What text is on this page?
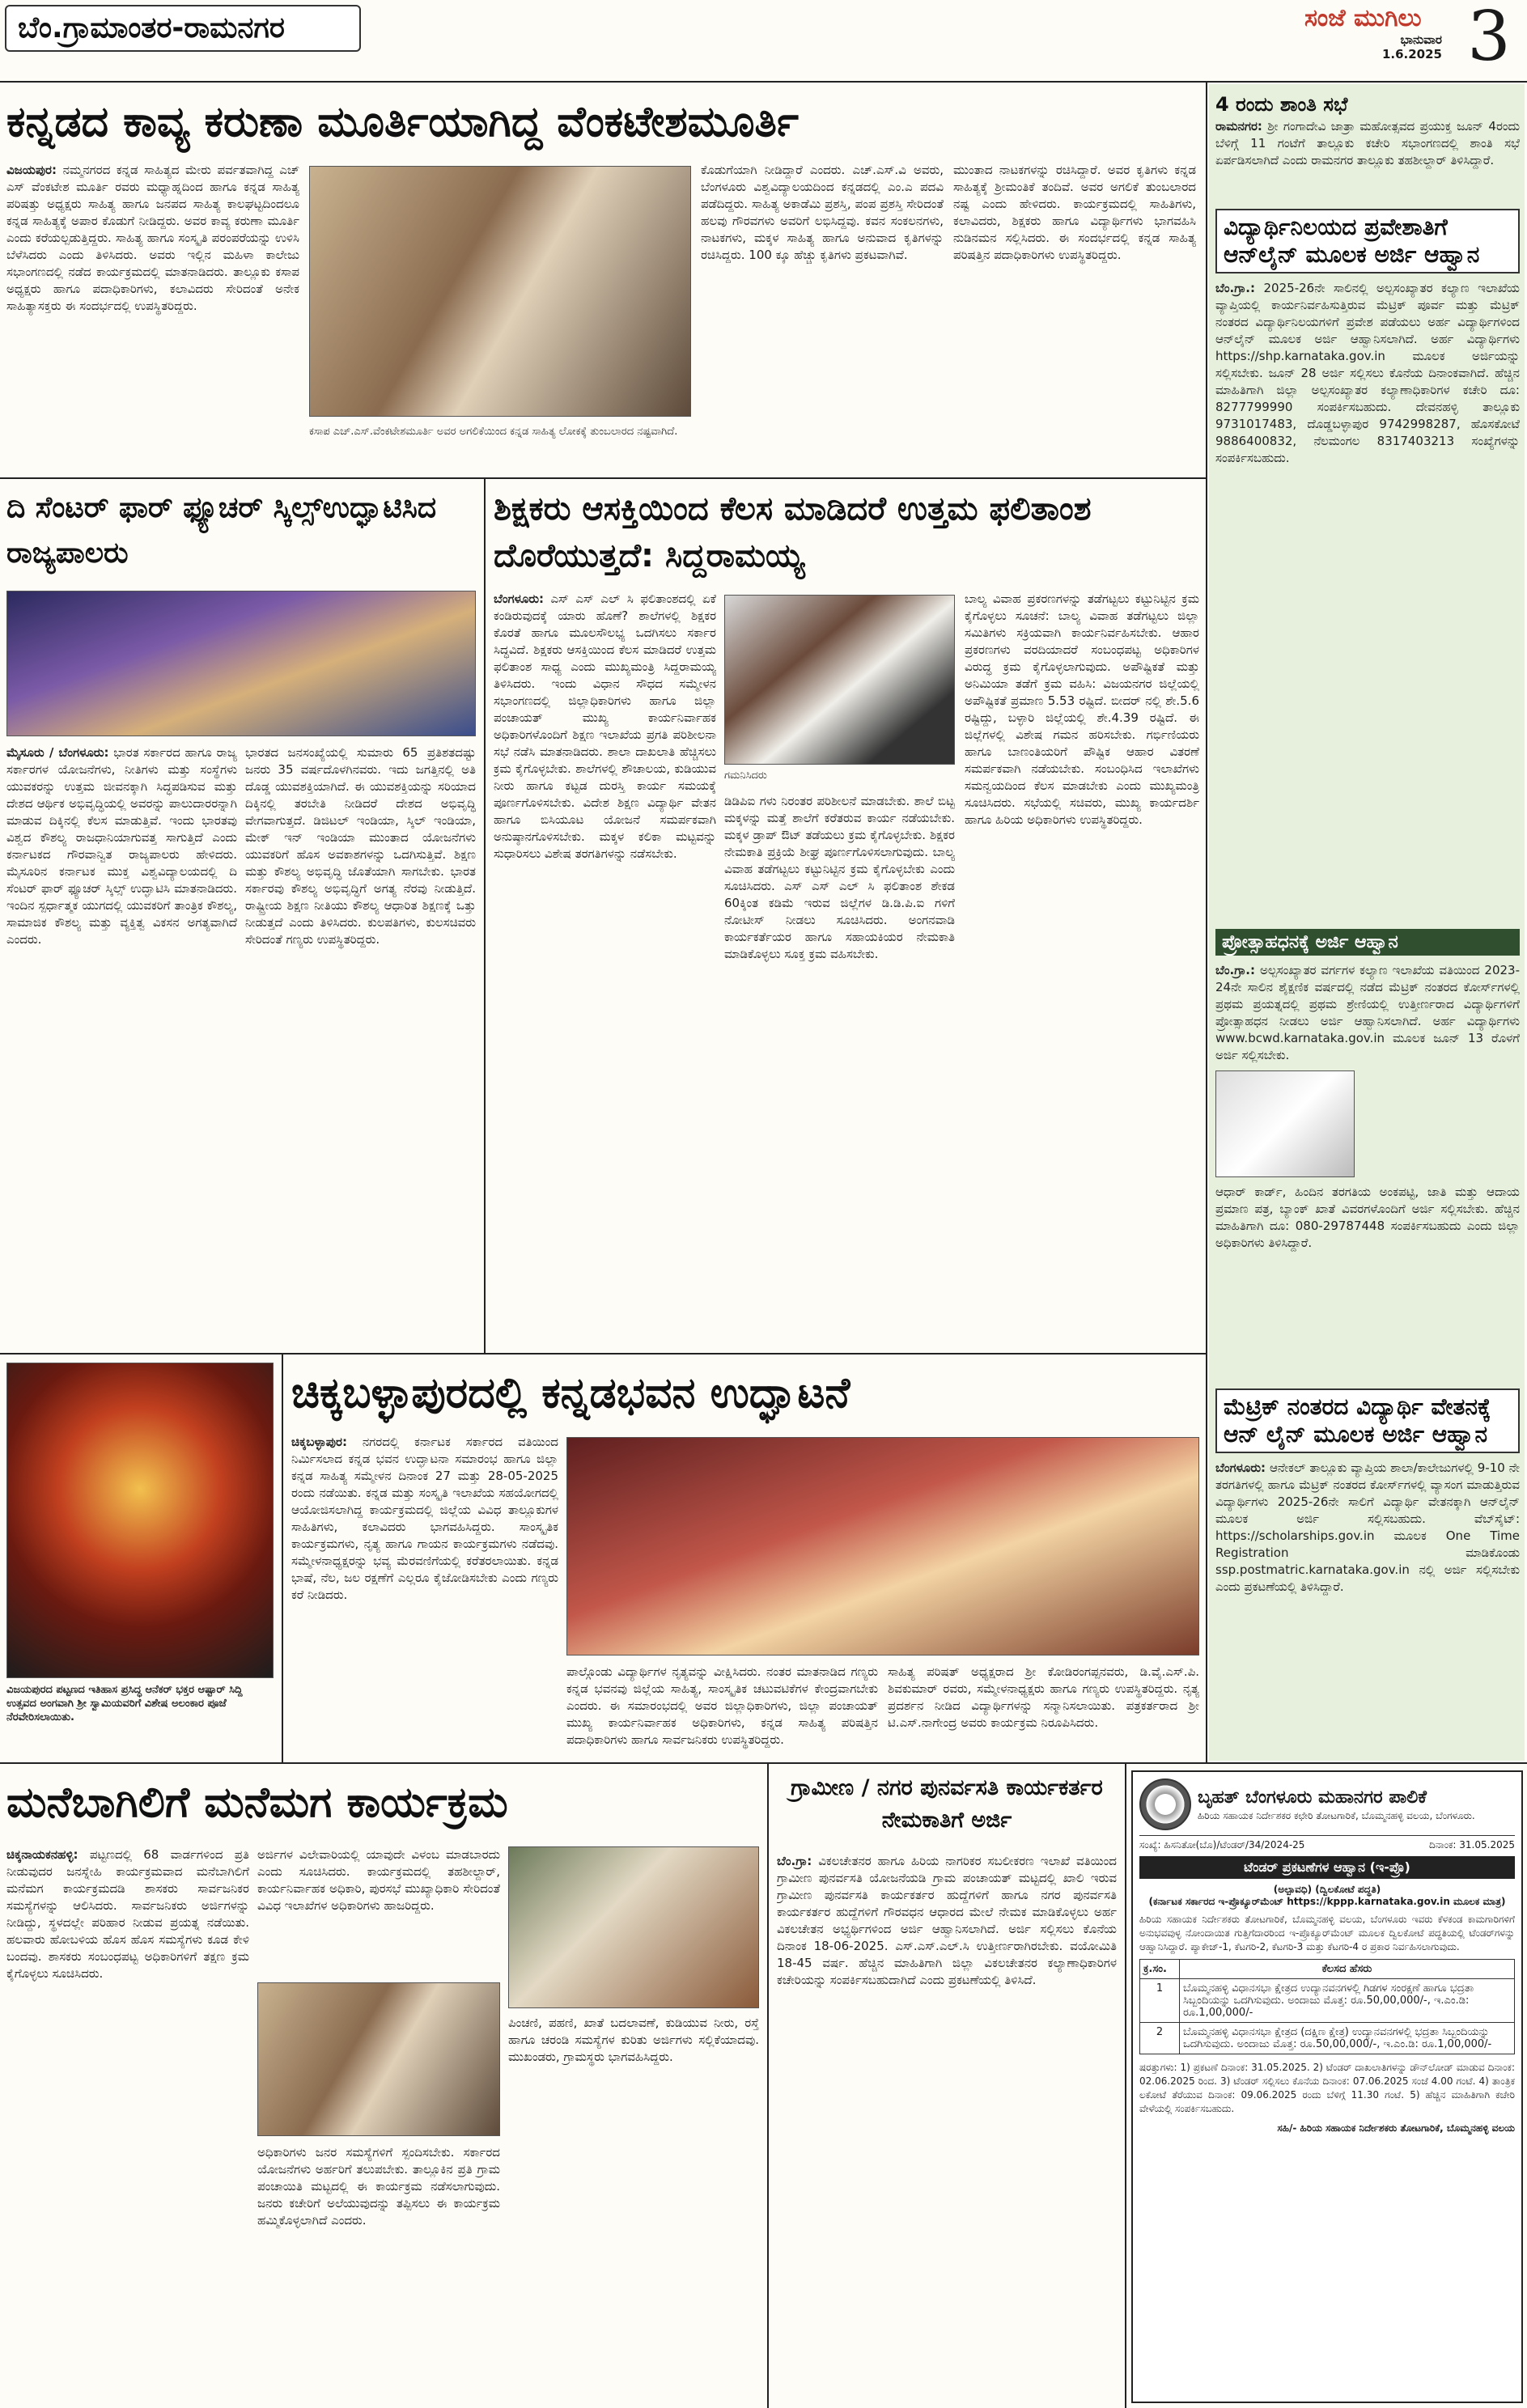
ಬೆಂ.ಗ್ರಾಮಾಂತರ-ರಾಮನಗರ	ಸಂಜೆ ಮುಗಿಲು
ಭಾನುವಾರ
1.6.2025 3
ಕನ್ನಡದ ಕಾವ್ಯ ಕರುಣಾ ಮೂರ್ತಿಯಾಗಿದ್ದ ವೆಂಕಟೇಶಮೂರ್ತಿ
ವಿಜಯಪುರ: ನಮ್ಮನಗರದ ಕನ್ನಡ ಸಾಹಿತ್ಯದ ಮೇರು ಪರ್ವತವಾಗಿದ್ದ ಎಚ್ ಎಸ್ ವೆಂಕಟೇಶ ಮೂರ್ತಿ ರವರು ಮಧ್ಯಾಹ್ನದಿಂದ ಹಾಗೂ ಕನ್ನಡ ಸಾಹಿತ್ಯ ಪರಿಷತ್ತು ಅಧ್ಯಕ್ಷರು ಸಾಹಿತ್ಯ ಹಾಗೂ ಜನಪದ ಸಾಹಿತ್ಯ ಕಾಲಘಟ್ಟದಿಂದಲೂ ಕನ್ನಡ ಸಾಹಿತ್ಯಕ್ಕೆ ಅಪಾರ ಕೊಡುಗೆ ನೀಡಿದ್ದರು. ಅವರ ಕಾವ್ಯ ಕರುಣಾ ಮೂರ್ತಿ ಎಂದು ಕರೆಯಲ್ಪಡುತ್ತಿದ್ದರು. ಸಾಹಿತ್ಯ ಹಾಗೂ ಸಂಸ್ಕೃತಿ ಪರಂಪರೆಯನ್ನು ಉಳಿಸಿ ಬೆಳೆಸಿದರು ಎಂದು ತಿಳಿಸಿದರು. ಅವರು ಇಲ್ಲಿನ ಮಹಿಳಾ ಕಾಲೇಜು ಸಭಾಂಗಣದಲ್ಲಿ ನಡೆದ ಕಾರ್ಯಕ್ರಮದಲ್ಲಿ ಮಾತನಾಡಿದರು. ತಾಲ್ಲೂಕು ಕಸಾಪ ಅಧ್ಯಕ್ಷರು ಹಾಗೂ ಪದಾಧಿಕಾರಿಗಳು, ಕಲಾವಿದರು ಸೇರಿದಂತೆ ಅನೇಕ ಸಾಹಿತ್ಯಾಸಕ್ತರು ಈ ಸಂದರ್ಭದಲ್ಲಿ ಉಪಸ್ಥಿತರಿದ್ದರು.
ಕಸಾಪ ಎಚ್.ಎಸ್.ವೆಂಕಟೇಶಮೂರ್ತಿ ಅವರ ಅಗಲಿಕೆಯಿಂದ ಕನ್ನಡ ಸಾಹಿತ್ಯ ಲೋಕಕ್ಕೆ ತುಂಬಲಾರದ ನಷ್ಟವಾಗಿದೆ.
ಕೊಡುಗೆಯಾಗಿ ನೀಡಿದ್ದಾರೆ ಎಂದರು. ಎಚ್.ಎಸ್.ವಿ ಅವರು, ಬೆಂಗಳೂರು ವಿಶ್ವವಿದ್ಯಾಲಯದಿಂದ ಕನ್ನಡದಲ್ಲಿ ಎಂ.ಎ ಪದವಿ ಪಡೆದಿದ್ದರು. ಸಾಹಿತ್ಯ ಅಕಾಡೆಮಿ ಪ್ರಶಸ್ತಿ, ಪಂಪ ಪ್ರಶಸ್ತಿ ಸೇರಿದಂತೆ ಹಲವು ಗೌರವಗಳು ಅವರಿಗೆ ಲಭಿಸಿದ್ದವು. ಕವನ ಸಂಕಲನಗಳು, ನಾಟಕಗಳು, ಮಕ್ಕಳ ಸಾಹಿತ್ಯ ಹಾಗೂ ಅನುವಾದ ಕೃತಿಗಳನ್ನು ರಚಿಸಿದ್ದರು. 100 ಕ್ಕೂ ಹೆಚ್ಚು ಕೃತಿಗಳು ಪ್ರಕಟವಾಗಿವೆ.
ಮುಂತಾದ ನಾಟಕಗಳನ್ನು ರಚಿಸಿದ್ದಾರೆ. ಅವರ ಕೃತಿಗಳು ಕನ್ನಡ ಸಾಹಿತ್ಯಕ್ಕೆ ಶ್ರೀಮಂತಿಕೆ ತಂದಿವೆ. ಅವರ ಅಗಲಿಕೆ ತುಂಬಲಾರದ ನಷ್ಟ ಎಂದು ಹೇಳಿದರು. ಕಾರ್ಯಕ್ರಮದಲ್ಲಿ ಸಾಹಿತಿಗಳು, ಕಲಾವಿದರು, ಶಿಕ್ಷಕರು ಹಾಗೂ ವಿದ್ಯಾರ್ಥಿಗಳು ಭಾಗವಹಿಸಿ ನುಡಿನಮನ ಸಲ್ಲಿಸಿದರು. ಈ ಸಂದರ್ಭದಲ್ಲಿ ಕನ್ನಡ ಸಾಹಿತ್ಯ ಪರಿಷತ್ತಿನ ಪದಾಧಿಕಾರಿಗಳು ಉಪಸ್ಥಿತರಿದ್ದರು.
ದಿ ಸೆಂಟರ್ ಫಾರ್ ಫ್ಯೂಚರ್ ಸ್ಕಿಲ್ಸ್‌ಉದ್ಘಾಟಿಸಿದ ರಾಜ್ಯಪಾಲರು
ಮೈಸೂರು / ಬೆಂಗಳೂರು: ಭಾರತ ಸರ್ಕಾರದ ಹಾಗೂ ರಾಜ್ಯ ಸರ್ಕಾರಗಳ ಯೋಜನೆಗಳು, ನೀತಿಗಳು ಮತ್ತು ಸಂಸ್ಥೆಗಳು ಯುವಕರನ್ನು ಉತ್ತಮ ಜೀವನಕ್ಕಾಗಿ ಸಿದ್ಧಪಡಿಸುವ ಮತ್ತು ದೇಶದ ಆರ್ಥಿಕ ಅಭಿವೃದ್ಧಿಯಲ್ಲಿ ಅವರನ್ನು ಪಾಲುದಾರರನ್ನಾಗಿ ಮಾಡುವ ದಿಕ್ಕಿನಲ್ಲಿ ಕೆಲಸ ಮಾಡುತ್ತಿವೆ. ಇಂದು ಭಾರತವು ವಿಶ್ವದ ಕೌಶಲ್ಯ ರಾಜಧಾನಿಯಾಗುವತ್ತ ಸಾಗುತ್ತಿದೆ ಎಂದು ಕರ್ನಾಟಕದ ಗೌರವಾನ್ವಿತ ರಾಜ್ಯಪಾಲರು ಹೇಳಿದರು. ಮೈಸೂರಿನ ಕರ್ನಾಟಕ ಮುಕ್ತ ವಿಶ್ವವಿದ್ಯಾಲಯದಲ್ಲಿ ದಿ ಸೆಂಟರ್ ಫಾರ್ ಫ್ಯೂಚರ್ ಸ್ಕಿಲ್ಸ್ ಉದ್ಘಾಟಿಸಿ ಮಾತನಾಡಿದರು. ಇಂದಿನ ಸ್ಪರ್ಧಾತ್ಮಕ ಯುಗದಲ್ಲಿ ಯುವಕರಿಗೆ ತಾಂತ್ರಿಕ ಕೌಶಲ್ಯ, ಸಾಮಾಜಿಕ ಕೌಶಲ್ಯ ಮತ್ತು ವ್ಯಕ್ತಿತ್ವ ವಿಕಸನ ಅಗತ್ಯವಾಗಿದೆ ಎಂದರು.
ಭಾರತದ ಜನಸಂಖ್ಯೆಯಲ್ಲಿ ಸುಮಾರು 65 ಪ್ರತಿಶತದಷ್ಟು ಜನರು 35 ವರ್ಷದೊಳಗಿನವರು. ಇದು ಜಗತ್ತಿನಲ್ಲಿ ಅತಿ ದೊಡ್ಡ ಯುವಶಕ್ತಿಯಾಗಿದೆ. ಈ ಯುವಶಕ್ತಿಯನ್ನು ಸರಿಯಾದ ದಿಕ್ಕಿನಲ್ಲಿ ತರಬೇತಿ ನೀಡಿದರೆ ದೇಶದ ಅಭಿವೃದ್ಧಿ ವೇಗವಾಗುತ್ತದೆ. ಡಿಜಿಟಲ್ ಇಂಡಿಯಾ, ಸ್ಕಿಲ್ ಇಂಡಿಯಾ, ಮೇಕ್ ಇನ್ ಇಂಡಿಯಾ ಮುಂತಾದ ಯೋಜನೆಗಳು ಯುವಕರಿಗೆ ಹೊಸ ಅವಕಾಶಗಳನ್ನು ಒದಗಿಸುತ್ತಿವೆ. ಶಿಕ್ಷಣ ಮತ್ತು ಕೌಶಲ್ಯ ಅಭಿವೃದ್ಧಿ ಜೊತೆಯಾಗಿ ಸಾಗಬೇಕು. ಭಾರತ ಸರ್ಕಾರವು ಕೌಶಲ್ಯ ಅಭಿವೃದ್ಧಿಗೆ ಅಗತ್ಯ ನೆರವು ನೀಡುತ್ತಿದೆ. ರಾಷ್ಟ್ರೀಯ ಶಿಕ್ಷಣ ನೀತಿಯು ಕೌಶಲ್ಯ ಆಧಾರಿತ ಶಿಕ್ಷಣಕ್ಕೆ ಒತ್ತು ನೀಡುತ್ತದೆ ಎಂದು ತಿಳಿಸಿದರು. ಕುಲಪತಿಗಳು, ಕುಲಸಚಿವರು ಸೇರಿದಂತೆ ಗಣ್ಯರು ಉಪಸ್ಥಿತರಿದ್ದರು.
ಶಿಕ್ಷಕರು ಆಸಕ್ತಿಯಿಂದ ಕೆಲಸ ಮಾಡಿದರೆ ಉತ್ತಮ ಫಲಿತಾಂಶ ದೊರೆಯುತ್ತದೆ: ಸಿದ್ದರಾಮಯ್ಯ
ಬೆಂಗಳೂರು: ಎಸ್ ಎಸ್ ಎಲ್ ಸಿ ಫಲಿತಾಂಶದಲ್ಲಿ ಏಕೆ ಕಂಡಿರುವುದಕ್ಕೆ ಯಾರು ಹೊಣೆ? ಶಾಲೆಗಳಲ್ಲಿ ಶಿಕ್ಷಕರ ಕೊರತೆ ಹಾಗೂ ಮೂಲಸೌಲಭ್ಯ ಒದಗಿಸಲು ಸರ್ಕಾರ ಸಿದ್ಧವಿದೆ. ಶಿಕ್ಷಕರು ಆಸಕ್ತಿಯಿಂದ ಕೆಲಸ ಮಾಡಿದರೆ ಉತ್ತಮ ಫಲಿತಾಂಶ ಸಾಧ್ಯ ಎಂದು ಮುಖ್ಯಮಂತ್ರಿ ಸಿದ್ದರಾಮಯ್ಯ ತಿಳಿಸಿದರು. ಇಂದು ವಿಧಾನ ಸೌಧದ ಸಮ್ಮೇಳನ ಸಭಾಂಗಣದಲ್ಲಿ ಜಿಲ್ಲಾಧಿಕಾರಿಗಳು ಹಾಗೂ ಜಿಲ್ಲಾ ಪಂಚಾಯತ್ ಮುಖ್ಯ ಕಾರ್ಯನಿರ್ವಾಹಕ ಅಧಿಕಾರಿಗಳೊಂದಿಗೆ ಶಿಕ್ಷಣ ಇಲಾಖೆಯ ಪ್ರಗತಿ ಪರಿಶೀಲನಾ ಸಭೆ ನಡೆಸಿ ಮಾತನಾಡಿದರು. ಶಾಲಾ ದಾಖಲಾತಿ ಹೆಚ್ಚಿಸಲು ಕ್ರಮ ಕೈಗೊಳ್ಳಬೇಕು. ಶಾಲೆಗಳಲ್ಲಿ ಶೌಚಾಲಯ, ಕುಡಿಯುವ ನೀರು ಹಾಗೂ ಕಟ್ಟಡ ದುರಸ್ತಿ ಕಾರ್ಯ ಸಮಯಕ್ಕೆ ಪೂರ್ಣಗೊಳಿಸಬೇಕು. ವಿದೇಶ ಶಿಕ್ಷಣ ವಿದ್ಯಾರ್ಥಿ ವೇತನ ಹಾಗೂ ಬಿಸಿಯೂಟ ಯೋಜನೆ ಸಮರ್ಪಕವಾಗಿ ಅನುಷ್ಠಾನಗೊಳಿಸಬೇಕು. ಮಕ್ಕಳ ಕಲಿಕಾ ಮಟ್ಟವನ್ನು ಸುಧಾರಿಸಲು ವಿಶೇಷ ತರಗತಿಗಳನ್ನು ನಡೆಸಬೇಕು.
ಗಮನಿಸಿದರು
ಡಿಡಿಪಿಐ ಗಳು ನಿರಂತರ ಪರಿಶೀಲನೆ ಮಾಡಬೇಕು. ಶಾಲೆ ಬಿಟ್ಟ ಮಕ್ಕಳನ್ನು ಮತ್ತೆ ಶಾಲೆಗೆ ಕರೆತರುವ ಕಾರ್ಯ ನಡೆಯಬೇಕು. ಮಕ್ಕಳ ಡ್ರಾಪ್ ಔಟ್ ತಡೆಯಲು ಕ್ರಮ ಕೈಗೊಳ್ಳಬೇಕು. ಶಿಕ್ಷಕರ ನೇಮಕಾತಿ ಪ್ರಕ್ರಿಯೆ ಶೀಘ್ರ ಪೂರ್ಣಗೊಳಿಸಲಾಗುವುದು. ಬಾಲ್ಯ ವಿವಾಹ ತಡೆಗಟ್ಟಲು ಕಟ್ಟುನಿಟ್ಟಿನ ಕ್ರಮ ಕೈಗೊಳ್ಳಬೇಕು ಎಂದು ಸೂಚಿಸಿದರು. ಎಸ್ ಎಸ್ ಎಲ್ ಸಿ ಫಲಿತಾಂಶ ಶೇಕಡ 60ಕ್ಕಿಂತ ಕಡಿಮೆ ಇರುವ ಜಿಲ್ಲೆಗಳ ಡಿ.ಡಿ.ಪಿ.ಐ ಗಳಿಗೆ ನೋಟೀಸ್ ನೀಡಲು ಸೂಚಿಸಿದರು. ಅಂಗನವಾಡಿ ಕಾರ್ಯಕರ್ತೆಯರ ಹಾಗೂ ಸಹಾಯಕಿಯರ ನೇಮಕಾತಿ ಮಾಡಿಕೊಳ್ಳಲು ಸೂಕ್ತ ಕ್ರಮ ವಹಿಸಬೇಕು.
ಬಾಲ್ಯ ವಿವಾಹ ಪ್ರಕರಣಗಳನ್ನು ತಡೆಗಟ್ಟಲು ಕಟ್ಟುನಿಟ್ಟಿನ ಕ್ರಮ ಕೈಗೊಳ್ಳಲು ಸೂಚನೆ: ಬಾಲ್ಯ ವಿವಾಹ ತಡೆಗಟ್ಟಲು ಜಿಲ್ಲಾ ಸಮಿತಿಗಳು ಸಕ್ರಿಯವಾಗಿ ಕಾರ್ಯನಿರ್ವಹಿಸಬೇಕು. ಆಹಾರ ಪ್ರಕರಣಗಳು ವರದಿಯಾದರೆ ಸಂಬಂಧಪಟ್ಟ ಅಧಿಕಾರಿಗಳ ವಿರುದ್ಧ ಕ್ರಮ ಕೈಗೊಳ್ಳಲಾಗುವುದು. ಅಪೌಷ್ಟಿಕತೆ ಮತ್ತು ಅನಿಮಿಯಾ ತಡೆಗೆ ಕ್ರಮ ವಹಿಸಿ: ವಿಜಯನಗರ ಜಿಲ್ಲೆಯಲ್ಲಿ ಅಪೌಷ್ಟಿಕತೆ ಪ್ರಮಾಣ 5.53 ರಷ್ಟಿದೆ. ಬೀದರ್ ನಲ್ಲಿ ಶೇ.5.6 ರಷ್ಟಿದ್ದು, ಬಳ್ಳಾರಿ ಜಿಲ್ಲೆಯಲ್ಲಿ ಶೇ.4.39 ರಷ್ಟಿದೆ. ಈ ಜಿಲ್ಲೆಗಳಲ್ಲಿ ವಿಶೇಷ ಗಮನ ಹರಿಸಬೇಕು. ಗರ್ಭಿಣಿಯರು ಹಾಗೂ ಬಾಣಂತಿಯರಿಗೆ ಪೌಷ್ಟಿಕ ಆಹಾರ ವಿತರಣೆ ಸಮರ್ಪಕವಾಗಿ ನಡೆಯಬೇಕು. ಸಂಬಂಧಿಸಿದ ಇಲಾಖೆಗಳು ಸಮನ್ವಯದಿಂದ ಕೆಲಸ ಮಾಡಬೇಕು ಎಂದು ಮುಖ್ಯಮಂತ್ರಿ ಸೂಚಿಸಿದರು. ಸಭೆಯಲ್ಲಿ ಸಚಿವರು, ಮುಖ್ಯ ಕಾರ್ಯದರ್ಶಿ ಹಾಗೂ ಹಿರಿಯ ಅಧಿಕಾರಿಗಳು ಉಪಸ್ಥಿತರಿದ್ದರು.
ವಿಜಯಪುರದ ಪಟ್ಟಣದ ಇತಿಹಾಸ ಪ್ರಸಿದ್ಧ ಆನೆಕರ್ ಭಕ್ತರ ಆಷ್ಟಾರ್ ಸಿದ್ದಿ ಉತ್ಸವದ ಅಂಗವಾಗಿ ಶ್ರೀ ಸ್ವಾಮಿಯವರಿಗೆ ವಿಶೇಷ ಅಲಂಕಾರ ಪೂಜೆ ನೆರವೇರಿಸಲಾಯಿತು.
ಚಿಕ್ಕಬಳ್ಳಾಪುರದಲ್ಲಿ ಕನ್ನಡಭವನ ಉದ್ಘಾಟನೆ
ಚಿಕ್ಕಬಳ್ಳಾಪುರ: ನಗರದಲ್ಲಿ ಕರ್ನಾಟಕ ಸರ್ಕಾರದ ವತಿಯಿಂದ ನಿರ್ಮಿಸಲಾದ ಕನ್ನಡ ಭವನ ಉದ್ಘಾಟನಾ ಸಮಾರಂಭ ಹಾಗೂ ಜಿಲ್ಲಾ ಕನ್ನಡ ಸಾಹಿತ್ಯ ಸಮ್ಮೇಳನ ದಿನಾಂಕ 27 ಮತ್ತು 28-05-2025 ರಂದು ನಡೆಯಿತು. ಕನ್ನಡ ಮತ್ತು ಸಂಸ್ಕೃತಿ ಇಲಾಖೆಯ ಸಹಯೋಗದಲ್ಲಿ ಆಯೋಜಿಸಲಾಗಿದ್ದ ಕಾರ್ಯಕ್ರಮದಲ್ಲಿ ಜಿಲ್ಲೆಯ ವಿವಿಧ ತಾಲ್ಲೂಕುಗಳ ಸಾಹಿತಿಗಳು, ಕಲಾವಿದರು ಭಾಗವಹಿಸಿದ್ದರು. ಸಾಂಸ್ಕೃತಿಕ ಕಾರ್ಯಕ್ರಮಗಳು, ನೃತ್ಯ ಹಾಗೂ ಗಾಯನ ಕಾರ್ಯಕ್ರಮಗಳು ನಡೆದವು. ಸಮ್ಮೇಳನಾಧ್ಯಕ್ಷರನ್ನು ಭವ್ಯ ಮೆರವಣಿಗೆಯಲ್ಲಿ ಕರೆತರಲಾಯಿತು. ಕನ್ನಡ ಭಾಷೆ, ನೆಲ, ಜಲ ರಕ್ಷಣೆಗೆ ಎಲ್ಲರೂ ಕೈಜೋಡಿಸಬೇಕು ಎಂದು ಗಣ್ಯರು ಕರೆ ನೀಡಿದರು.
ಪಾಲ್ಗೊಂಡು ವಿದ್ಯಾರ್ಥಿಗಳ ನೃತ್ಯವನ್ನು ವೀಕ್ಷಿಸಿದರು. ನಂತರ ಮಾತನಾಡಿದ ಗಣ್ಯರು ಕನ್ನಡ ಭವನವು ಜಿಲ್ಲೆಯ ಸಾಹಿತ್ಯ, ಸಾಂಸ್ಕೃತಿಕ ಚಟುವಟಿಕೆಗಳ ಕೇಂದ್ರವಾಗಬೇಕು ಎಂದರು. ಈ ಸಮಾರಂಭದಲ್ಲಿ ಅವರ ಜಿಲ್ಲಾಧಿಕಾರಿಗಳು, ಜಿಲ್ಲಾ ಪಂಚಾಯತ್ ಮುಖ್ಯ ಕಾರ್ಯನಿರ್ವಾಹಕ ಅಧಿಕಾರಿಗಳು, ಕನ್ನಡ ಸಾಹಿತ್ಯ ಪರಿಷತ್ತಿನ ಪದಾಧಿಕಾರಿಗಳು ಹಾಗೂ ಸಾರ್ವಜನಿಕರು ಉಪಸ್ಥಿತರಿದ್ದರು.
ಸಾಹಿತ್ಯ ಪರಿಷತ್ ಅಧ್ಯಕ್ಷರಾದ ಶ್ರೀ ಕೋಡಿರಂಗಪ್ಪನವರು, ಡಿ.ವೈ.ಎಸ್.ಪಿ. ಶಿವಕುಮಾರ್ ರವರು, ಸಮ್ಮೇಳನಾಧ್ಯಕ್ಷರು ಹಾಗೂ ಗಣ್ಯರು ಉಪಸ್ಥಿತರಿದ್ದರು. ನೃತ್ಯ ಪ್ರದರ್ಶನ ನೀಡಿದ ವಿದ್ಯಾರ್ಥಿಗಳನ್ನು ಸನ್ಮಾನಿಸಲಾಯಿತು. ಪತ್ರಕರ್ತರಾದ ಶ್ರೀ ಟಿ.ಎಸ್.ನಾಗೇಂದ್ರ ಅವರು ಕಾರ್ಯಕ್ರಮ ನಿರೂಪಿಸಿದರು.
4 ರಂದು ಶಾಂತಿ ಸಭೆ
ರಾಮನಗರ: ಶ್ರೀ ಗಂಗಾದೇವಿ ಜಾತ್ರಾ ಮಹೋತ್ಸವದ ಪ್ರಯುಕ್ತ ಜೂನ್ 4ರಂದು ಬೆಳಿಗ್ಗೆ 11 ಗಂಟೆಗೆ ತಾಲ್ಲೂಕು ಕಚೇರಿ ಸಭಾಂಗಣದಲ್ಲಿ ಶಾಂತಿ ಸಭೆ ಏರ್ಪಡಿಸಲಾಗಿದೆ ಎಂದು ರಾಮನಗರ ತಾಲ್ಲೂಕು ತಹಶೀಲ್ದಾರ್ ತಿಳಿಸಿದ್ದಾರೆ.
ವಿದ್ಯಾರ್ಥಿನಿಲಯದ ಪ್ರವೇಶಾತಿಗೆ ಆನ್‌ಲೈನ್ ಮೂಲಕ ಅರ್ಜಿ ಆಹ್ವಾನ
ಬೆಂ.ಗ್ರಾ.: 2025-26ನೇ ಸಾಲಿನಲ್ಲಿ ಅಲ್ಪಸಂಖ್ಯಾತರ ಕಲ್ಯಾಣ ಇಲಾಖೆಯ ವ್ಯಾಪ್ತಿಯಲ್ಲಿ ಕಾರ್ಯನಿರ್ವಹಿಸುತ್ತಿರುವ ಮೆಟ್ರಿಕ್ ಪೂರ್ವ ಮತ್ತು ಮೆಟ್ರಿಕ್ ನಂತರದ ವಿದ್ಯಾರ್ಥಿನಿಲಯಗಳಿಗೆ ಪ್ರವೇಶ ಪಡೆಯಲು ಅರ್ಹ ವಿದ್ಯಾರ್ಥಿಗಳಿಂದ ಆನ್‌ಲೈನ್ ಮೂಲಕ ಅರ್ಜಿ ಆಹ್ವಾನಿಸಲಾಗಿದೆ. ಅರ್ಹ ವಿದ್ಯಾರ್ಥಿಗಳು https://shp.karnataka.gov.in ಮೂಲಕ ಅರ್ಜಿಯನ್ನು ಸಲ್ಲಿಸಬೇಕು. ಜೂನ್ 28 ಅರ್ಜಿ ಸಲ್ಲಿಸಲು ಕೊನೆಯ ದಿನಾಂಕವಾಗಿದೆ. ಹೆಚ್ಚಿನ ಮಾಹಿತಿಗಾಗಿ ಜಿಲ್ಲಾ ಅಲ್ಪಸಂಖ್ಯಾತರ ಕಲ್ಯಾಣಾಧಿಕಾರಿಗಳ ಕಚೇರಿ ದೂ: 8277799990 ಸಂಪರ್ಕಿಸಬಹುದು. ದೇವನಹಳ್ಳಿ ತಾಲ್ಲೂಕು 9731017483, ದೊಡ್ಡಬಳ್ಳಾಪುರ 9742998287, ಹೊಸಕೋಟೆ 9886400832, ನೆಲಮಂಗಲ 8317403213 ಸಂಖ್ಯೆಗಳನ್ನು ಸಂಪರ್ಕಿಸಬಹುದು.
ಪ್ರೋತ್ಸಾಹಧನಕ್ಕೆ ಅರ್ಜಿ ಆಹ್ವಾನ
ಬೆಂ.ಗ್ರಾ.: ಅಲ್ಪಸಂಖ್ಯಾತರ ವರ್ಗಗಳ ಕಲ್ಯಾಣ ಇಲಾಖೆಯ ವತಿಯಿಂದ 2023-24ನೇ ಸಾಲಿನ ಶೈಕ್ಷಣಿಕ ವರ್ಷದಲ್ಲಿ ನಡೆದ ಮೆಟ್ರಿಕ್ ನಂತರದ ಕೋರ್ಸ್‌ಗಳಲ್ಲಿ ಪ್ರಥಮ ಪ್ರಯತ್ನದಲ್ಲಿ ಪ್ರಥಮ ಶ್ರೇಣಿಯಲ್ಲಿ ಉತ್ತೀರ್ಣರಾದ ವಿದ್ಯಾರ್ಥಿಗಳಿಗೆ ಪ್ರೋತ್ಸಾಹಧನ ನೀಡಲು ಅರ್ಜಿ ಆಹ್ವಾನಿಸಲಾಗಿದೆ. ಅರ್ಹ ವಿದ್ಯಾರ್ಥಿಗಳು www.bcwd.karnataka.gov.in ಮೂಲಕ ಜೂನ್ 13 ರೊಳಗೆ ಅರ್ಜಿ ಸಲ್ಲಿಸಬೇಕು.
ಆಧಾರ್ ಕಾರ್ಡ್, ಹಿಂದಿನ ತರಗತಿಯ ಅಂಕಪಟ್ಟಿ, ಜಾತಿ ಮತ್ತು ಆದಾಯ ಪ್ರಮಾಣ ಪತ್ರ, ಬ್ಯಾಂಕ್ ಖಾತೆ ವಿವರಗಳೊಂದಿಗೆ ಅರ್ಜಿ ಸಲ್ಲಿಸಬೇಕು. ಹೆಚ್ಚಿನ ಮಾಹಿತಿಗಾಗಿ ದೂ: 080-29787448 ಸಂಪರ್ಕಿಸಬಹುದು ಎಂದು ಜಿಲ್ಲಾ ಅಧಿಕಾರಿಗಳು ತಿಳಿಸಿದ್ದಾರೆ.
ಮೆಟ್ರಿಕ್ ನಂತರದ ವಿದ್ಯಾರ್ಥಿ ವೇತನಕ್ಕೆ ಆನ್ ಲೈನ್ ಮೂಲಕ ಅರ್ಜಿ ಆಹ್ವಾನ
ಬೆಂಗಳೂರು: ಆನೇಕಲ್ ತಾಲ್ಲೂಕು ವ್ಯಾಪ್ತಿಯ ಶಾಲಾ/ಕಾಲೇಜುಗಳಲ್ಲಿ 9-10 ನೇ ತರಗತಿಗಳಲ್ಲಿ ಹಾಗೂ ಮೆಟ್ರಿಕ್ ನಂತರದ ಕೋರ್ಸ್‌ಗಳಲ್ಲಿ ವ್ಯಾಸಂಗ ಮಾಡುತ್ತಿರುವ ವಿದ್ಯಾರ್ಥಿಗಳು 2025-26ನೇ ಸಾಲಿಗೆ ವಿದ್ಯಾರ್ಥಿ ವೇತನಕ್ಕಾಗಿ ಆನ್‌ಲೈನ್ ಮೂಲಕ ಅರ್ಜಿ ಸಲ್ಲಿಸಬಹುದು. ವೆಬ್‌ಸೈಟ್: https://scholarships.gov.in ಮೂಲಕ One Time Registration ಮಾಡಿಕೊಂಡು ssp.postmatric.karnataka.gov.in ನಲ್ಲಿ ಅರ್ಜಿ ಸಲ್ಲಿಸಬೇಕು ಎಂದು ಪ್ರಕಟಣೆಯಲ್ಲಿ ತಿಳಿಸಿದ್ದಾರೆ.
ಮನೆಬಾಗಿಲಿಗೆ ಮನೆಮಗ ಕಾರ್ಯಕ್ರಮ
ಚಿಕ್ಕನಾಯಕನಹಳ್ಳಿ: ಪಟ್ಟಣದಲ್ಲಿ 68 ವಾರ್ಡಗಳಿಂದ ಪ್ರತಿ ನೀಡುವುದರ ಜನಸ್ನೇಹಿ ಕಾರ್ಯಕ್ರಮವಾದ ಮನೆಬಾಗಿಲಿಗೆ ಮನೆಮಗ ಕಾರ್ಯಕ್ರಮದಡಿ ಶಾಸಕರು ಸಾರ್ವಜನಿಕರ ಸಮಸ್ಯೆಗಳನ್ನು ಆಲಿಸಿದರು. ಸಾರ್ವಜನಿಕರು ಅರ್ಜಿಗಳನ್ನು ನೀಡಿದ್ದು, ಸ್ಥಳದಲ್ಲೇ ಪರಿಹಾರ ನೀಡುವ ಪ್ರಯತ್ನ ನಡೆಯಿತು. ಹಲವಾರು ಹೋಬಳಿಯ ಹೊಸ ಹೊಸ ಸಮಸ್ಯೆಗಳು ಕೂಡ ಕೇಳಿ ಬಂದವು. ಶಾಸಕರು ಸಂಬಂಧಪಟ್ಟ ಅಧಿಕಾರಿಗಳಿಗೆ ತಕ್ಷಣ ಕ್ರಮ ಕೈಗೊಳ್ಳಲು ಸೂಚಿಸಿದರು.
ಅರ್ಜಿಗಳ ವಿಲೇವಾರಿಯಲ್ಲಿ ಯಾವುದೇ ವಿಳಂಬ ಮಾಡಬಾರದು ಎಂದು ಸೂಚಿಸಿದರು. ಕಾರ್ಯಕ್ರಮದಲ್ಲಿ ತಹಶೀಲ್ದಾರ್, ಕಾರ್ಯನಿರ್ವಾಹಕ ಅಧಿಕಾರಿ, ಪುರಸಭೆ ಮುಖ್ಯಾಧಿಕಾರಿ ಸೇರಿದಂತೆ ವಿವಿಧ ಇಲಾಖೆಗಳ ಅಧಿಕಾರಿಗಳು ಹಾಜರಿದ್ದರು.
ಅಧಿಕಾರಿಗಳು ಜನರ ಸಮಸ್ಯೆಗಳಿಗೆ ಸ್ಪಂದಿಸಬೇಕು. ಸರ್ಕಾರದ ಯೋಜನೆಗಳು ಅರ್ಹರಿಗೆ ತಲುಪಬೇಕು. ತಾಲ್ಲೂಕಿನ ಪ್ರತಿ ಗ್ರಾಮ ಪಂಚಾಯಿತಿ ಮಟ್ಟದಲ್ಲಿ ಈ ಕಾರ್ಯಕ್ರಮ ನಡೆಸಲಾಗುವುದು. ಜನರು ಕಚೇರಿಗೆ ಅಲೆಯುವುದನ್ನು ತಪ್ಪಿಸಲು ಈ ಕಾರ್ಯಕ್ರಮ ಹಮ್ಮಿಕೊಳ್ಳಲಾಗಿದೆ ಎಂದರು.
ಪಿಂಚಣಿ, ಪಹಣಿ, ಖಾತೆ ಬದಲಾವಣೆ, ಕುಡಿಯುವ ನೀರು, ರಸ್ತೆ ಹಾಗೂ ಚರಂಡಿ ಸಮಸ್ಯೆಗಳ ಕುರಿತು ಅರ್ಜಿಗಳು ಸಲ್ಲಿಕೆಯಾದವು. ಮುಖಂಡರು, ಗ್ರಾಮಸ್ಥರು ಭಾಗವಹಿಸಿದ್ದರು.
ಗ್ರಾಮೀಣ / ನಗರ ಪುನರ್ವಸತಿ ಕಾರ್ಯಕರ್ತರ ನೇಮಕಾತಿಗೆ ಅರ್ಜಿ
ಬೆಂ.ಗ್ರಾ: ವಿಕಲಚೇತನರ ಹಾಗೂ ಹಿರಿಯ ನಾಗರಿಕರ ಸಬಲೀಕರಣ ಇಲಾಖೆ ವತಿಯಿಂದ ಗ್ರಾಮೀಣ ಪುನರ್ವಸತಿ ಯೋಜನೆಯಡಿ ಗ್ರಾಮ ಪಂಚಾಯತ್ ಮಟ್ಟದಲ್ಲಿ ಖಾಲಿ ಇರುವ ಗ್ರಾಮೀಣ ಪುನರ್ವಸತಿ ಕಾರ್ಯಕರ್ತರ ಹುದ್ದೆಗಳಿಗೆ ಹಾಗೂ ನಗರ ಪುನರ್ವಸತಿ ಕಾರ್ಯಕರ್ತರ ಹುದ್ದೆಗಳಿಗೆ ಗೌರವಧನ ಆಧಾರದ ಮೇಲೆ ನೇಮಕ ಮಾಡಿಕೊಳ್ಳಲು ಅರ್ಹ ವಿಕಲಚೇತನ ಅಭ್ಯರ್ಥಿಗಳಿಂದ ಅರ್ಜಿ ಆಹ್ವಾನಿಸಲಾಗಿದೆ. ಅರ್ಜಿ ಸಲ್ಲಿಸಲು ಕೊನೆಯ ದಿನಾಂಕ 18-06-2025. ಎಸ್.ಎಸ್.ಎಲ್.ಸಿ ಉತ್ತೀರ್ಣರಾಗಿರಬೇಕು. ವಯೋಮಿತಿ 18-45 ವರ್ಷ. ಹೆಚ್ಚಿನ ಮಾಹಿತಿಗಾಗಿ ಜಿಲ್ಲಾ ವಿಕಲಚೇತನರ ಕಲ್ಯಾಣಾಧಿಕಾರಿಗಳ ಕಚೇರಿಯನ್ನು ಸಂಪರ್ಕಿಸಬಹುದಾಗಿದೆ ಎಂದು ಪ್ರಕಟಣೆಯಲ್ಲಿ ತಿಳಿಸಿದೆ.
ಬೃಹತ್ ಬೆಂಗಳೂರು ಮಹಾನಗರ ಪಾಲಿಕೆ
ಹಿರಿಯ ಸಹಾಯಕ ನಿರ್ದೇಶಕರ ಕಛೇರಿ ತೋಟಗಾರಿಕೆ, ಬೊಮ್ಮನಹಳ್ಳಿ ವಲಯ, ಬೆಂಗಳೂರು.
ಸಂಖ್ಯೆ: ಹಿಸನಿತೋ(ಬೊ)/ಟೆಂಡರ್/34/2024-25	ದಿನಾಂಕ: 31.05.2025
ಟೆಂಡರ್ ಪ್ರಕಟಣೆಗಳ ಆಹ್ವಾನ (ಇ-ಪ್ರೊ)
(ಅಲ್ಪಾವಧಿ) (ದ್ವಿಲಕೋಟೆ ಪದ್ಧತಿ)
(ಕರ್ನಾಟಕ ಸರ್ಕಾರದ ಇ-ಪ್ರೊಕ್ಯೂರ್‌ಮೆಂಟ್ https://kppp.karnataka.gov.in ಮೂಲಕ ಮಾತ್ರ)
ಹಿರಿಯ ಸಹಾಯಕ ನಿರ್ದೇಶಕರು ತೋಟಗಾರಿಕೆ, ಬೊಮ್ಮನಹಳ್ಳಿ ವಲಯ, ಬೆಂಗಳೂರು ಇವರು ಕೆಳಕಂಡ ಕಾಮಗಾರಿಗಳಿಗೆ ಅನುಭವವುಳ್ಳ ನೋಂದಾಯಿತ ಗುತ್ತಿಗೆದಾರರಿಂದ ಇ-ಪ್ರೊಕ್ಯೂರ್‌ಮೆಂಟ್ ಮೂಲಕ ದ್ವಿಲಕೋಟೆ ಪದ್ಧತಿಯಲ್ಲಿ ಟೆಂಡರ್‌ಗಳನ್ನು ಆಹ್ವಾನಿಸಿದ್ದಾರೆ. ಪ್ಯಾಕೇಜ್-1, ಕೆಟಗರಿ-2, ಕೆಟಗರಿ-3 ಮತ್ತು ಕೆಟಗರಿ-4 ರ ಪ್ರಕಾರ ನಿರ್ವಹಿಸಲಾಗುವುದು.
ಕ್ರ.ಸಂ.	ಕೆಲಸದ ಹೆಸರು
1	ಬೊಮ್ಮನಹಳ್ಳಿ ವಿಧಾನಸಭಾ ಕ್ಷೇತ್ರದ ಉದ್ಯಾನವನಗಳಲ್ಲಿ ಗಿಡಗಳ ಸಂರಕ್ಷಣೆ ಹಾಗೂ ಭದ್ರತಾ ಸಿಬ್ಬಂದಿಯನ್ನು ಒದಗಿಸುವುದು. ಅಂದಾಜು ಮೊತ್ತ: ರೂ.50,00,000/-, ಇ.ಎಂ.ಡಿ: ರೂ.1,00,000/-
2	ಬೊಮ್ಮನಹಳ್ಳಿ ವಿಧಾನಸಭಾ ಕ್ಷೇತ್ರದ (ದಕ್ಷಿಣ ಕ್ಷೇತ್ರ) ಉದ್ಯಾನವನಗಳಲ್ಲಿ ಭದ್ರತಾ ಸಿಬ್ಬಂದಿಯನ್ನು ಒದಗಿಸುವುದು. ಅಂದಾಜು ಮೊತ್ತ: ರೂ.50,00,000/-, ಇ.ಎಂ.ಡಿ: ರೂ.1,00,000/-
ಷರತ್ತುಗಳು: 1) ಪ್ರಕಟಣೆ ದಿನಾಂಕ: 31.05.2025. 2) ಟೆಂಡರ್ ದಾಖಲಾತಿಗಳನ್ನು ಡೌನ್‌ಲೋಡ್ ಮಾಡುವ ದಿನಾಂಕ: 02.06.2025 ರಿಂದ. 3) ಟೆಂಡರ್ ಸಲ್ಲಿಸಲು ಕೊನೆಯ ದಿನಾಂಕ: 07.06.2025 ಸಂಜೆ 4.00 ಗಂಟೆ. 4) ತಾಂತ್ರಿಕ ಲಕೋಟೆ ತೆರೆಯುವ ದಿನಾಂಕ: 09.06.2025 ರಂದು ಬೆಳಿಗ್ಗೆ 11.30 ಗಂಟೆ. 5) ಹೆಚ್ಚಿನ ಮಾಹಿತಿಗಾಗಿ ಕಚೇರಿ ವೇಳೆಯಲ್ಲಿ ಸಂಪರ್ಕಿಸಬಹುದು.
ಸಹಿ/- ಹಿರಿಯ ಸಹಾಯಕ ನಿರ್ದೇಶಕರು ತೋಟಗಾರಿಕೆ, ಬೊಮ್ಮನಹಳ್ಳಿ ವಲಯ
